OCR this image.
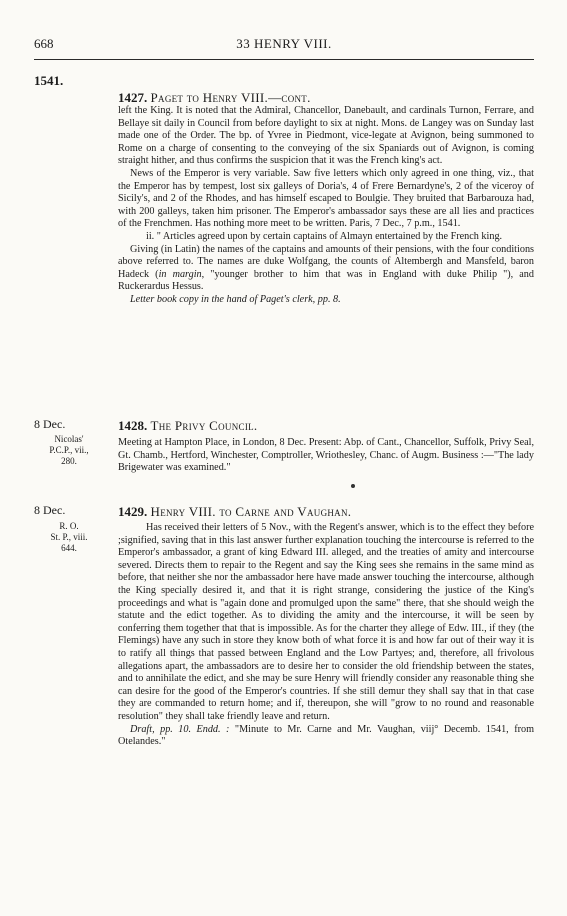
668	33 HENRY VIII.
1541.
1427. Paget to Henry VIII.—cont.

left the King. It is noted that the Admiral, Chancellor, Danebault, and cardinals Turnon, Ferrare, and Bellaye sit daily in Council from before daylight to six at night. Mons. de Langey was on Sunday last made one of the Order. The bp. of Yvree in Piedmont, vice-legate at Avignon, being summoned to Rome on a charge of consenting to the conveying of the six Spaniards out of Avignon, is coming straight hither, and thus confirms the suspicion that it was the French king's act.

News of the Emperor is very variable. Saw five letters which only agreed in one thing, viz., that the Emperor has by tempest, lost six galleys of Doria's, 4 of Frere Bernardyne's, 2 of the viceroy of Sicily's, and 2 of the Rhodes, and has himself escaped to Boulgie. They bruited that Barbarouza had, with 200 galleys, taken him prisoner. The Emperor's ambassador says these are all lies and practices of the Frenchmen. Has nothing more meet to be written. Paris, 7 Dec., 7 p.m., 1541.

ii. " Articles agreed upon by certain captains of Almayn entertained by the French king.

Giving (in Latin) the names of the captains and amounts of their pensions, with the four conditions above referred to. The names are duke Wolfgang, the counts of Altembergh and Mansfeld, baron Hadeck (in margin, "younger brother to him that was in England with duke Philip "), and Ruckerardus Hessus.

Letter book copy in the hand of Paget's clerk, pp. 8.

8 Dec.

Nicolas'
P.C.P., vii.,
280.
1428. The Privy Council.

Meeting at Hampton Place, in London, 8 Dec. Present: Abp. of Cant., Chancellor, Suffolk, Privy Seal, Gt. Chamb., Hertford, Winchester, Comptroller, Wriothesley, Chanc. of Augm. Business :—"The lady Brigewater was examined."

8 Dec.

R. O.
St. P., viii.
644.
1429. Henry VIII. to Carne and Vaughan.

Has received their letters of 5 Nov., with the Regent's answer, which is to the effect they before ;signified, saving that in this last answer further explanation touching the intercourse is referred to the Emperor's ambassador, a grant of king Edward III. alleged, and the treaties of amity and intercourse severed. Directs them to repair to the Regent and say the King sees she remains in the same mind as before, that neither she nor the ambassador here have made answer touching the intercourse, although the King specially desired it, and that it is right strange, considering the justice of the King's proceedings and what is "again done and promulged upon the same" there, that she should weigh the statute and the edict together. As to dividing the amity and the intercourse, it will be seen by conferring them together that that is impossible. As for the charter they allege of Edw. III., if they (the Flemings) have any such in store they know both of what force it is and how far out of their way it is to ratify all things that passed between England and the Low Partyes; and, therefore, all frivolous allegations apart, the ambassadors are to desire her to consider the old friendship between the states, and to annihilate the edict, and she may be sure Henry will friendly consider any reasonable thing she can desire for the good of the Emperor's countries. If she still demur they shall say that in that case they are commanded to return home; and if, thereupon, she will "grow to no round and reasonable resolution" they shall take friendly leave and return.

Draft, pp. 10. Endd. : "Minute to Mr. Carne and Mr. Vaughan, viij° Decemb. 1541, from Otelandes."
